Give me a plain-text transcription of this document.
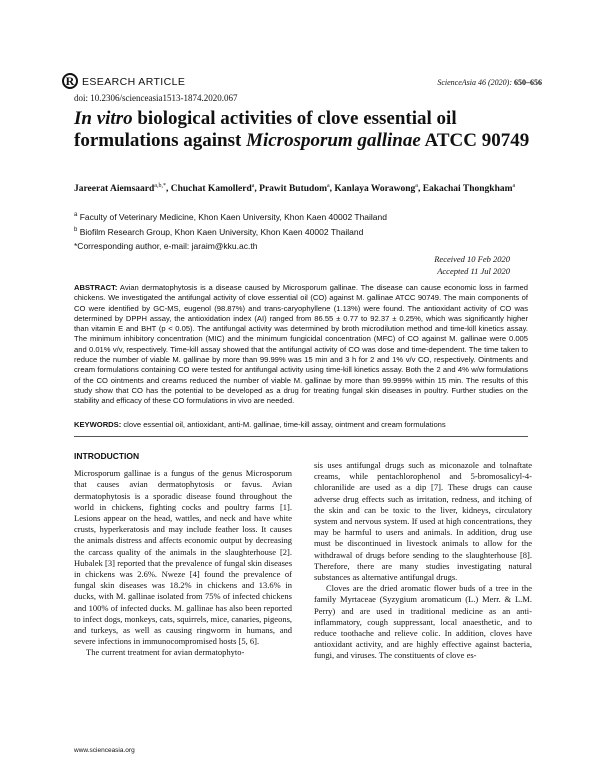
R ESEARCH ARTICLE	ScienceAsia 46 (2020): 650–656
doi: 10.2306/scienceasia1513-1874.2020.067
In vitro biological activities of clove essential oil formulations against Microsporum gallinae ATCC 90749
Jareerat Aiemsaard$^{a,b,*}$, Chuchat Kamollerd$^a$, Prawit Butudom$^a$, Kanlaya Worawong$^a$, Eakachai Thongkham$^a$
$^a$ Faculty of Veterinary Medicine, Khon Kaen University, Khon Kaen 40002 Thailand
$^b$ Biofilm Research Group, Khon Kaen University, Khon Kaen 40002 Thailand
*Corresponding author, e-mail: jaraim@kku.ac.th
Received 10 Feb 2020
Accepted 11 Jul 2020
ABSTRACT: Avian dermatophytosis is a disease caused by Microsporum gallinae. The disease can cause economic loss in farmed chickens. We investigated the antifungal activity of clove essential oil (CO) against M. gallinae ATCC 90749. The main components of CO were identified by GC-MS, eugenol (98.87%) and trans-caryophyllene (1.13%) were found. The antioxidant activity of CO was determined by DPPH assay, the antioxidation index (AI) ranged from 86.55 ± 0.77 to 92.37 ± 0.25%, which was significantly higher than vitamin E and BHT (p < 0.05). The antifungal activity was determined by broth microdilution method and time-kill kinetics assay. The minimum inhibitory concentration (MIC) and the minimum fungicidal concentration (MFC) of CO against M. gallinae were 0.005 and 0.01% v/v, respectively. Time-kill assay showed that the antifungal activity of CO was dose and time-dependent. The time taken to reduce the number of viable M. gallinae by more than 99.99% was 15 min and 3 h for 2 and 1% v/v CO, respectively. Ointments and cream formulations containing CO were tested for antifungal activity using time-kill kinetics assay. Both the 2 and 4% w/w formulations of the CO ointments and creams reduced the number of viable M. gallinae by more than 99.999% within 15 min. The results of this study show that CO has the potential to be developed as a drug for treating fungal skin diseases in poultry. Further studies on the stability and efficacy of these CO formulations in vivo are needed.
KEYWORDS: clove essential oil, antioxidant, anti-M. gallinae, time-kill assay, ointment and cream formulations
INTRODUCTION

Microsporum gallinae is a fungus of the genus Microsporum that causes avian dermatophytosis or favus. Avian dermatophytosis is a sporadic disease found throughout the world in chickens, fighting cocks and poultry farms [1]. Lesions appear on the head, wattles, and neck and have white crusts, hyperkeratosis and may include feather loss. It causes the animals distress and affects economic output by decreasing the carcass quality of the animals in the slaughterhouse [2]. Hubalek [3] reported that the prevalence of fungal skin diseases in chickens was 2.6%. Nweze [4] found the prevalence of fungal skin diseases was 18.2% in chickens and 13.6% in ducks, with M. gallinae isolated from 75% of infected chickens and 100% of infected ducks. M. gallinae has also been reported to infect dogs, monkeys, cats, squirrels, mice, canaries, pigeons, and turkeys, as well as causing ringworm in humans, and severe infections in immunocompromised hosts [5, 6].

The current treatment for avian dermatophyto-

sis uses antifungal drugs such as miconazole and tolnaftate creams, while pentachlorophenol and 5-bromosalicyl-4-chloranilide are used as a dip [7]. These drugs can cause adverse drug effects such as irritation, redness, and itching of the skin and can be toxic to the liver, kidneys, circulatory system and nervous system. If used at high concentrations, they may be harmful to users and animals. In addition, drug use must be discontinued in livestock animals to allow for the withdrawal of drugs before sending to the slaughterhouse [8]. Therefore, there are many studies investigating natural substances as alternative antifungal drugs.

Cloves are the dried aromatic flower buds of a tree in the family Myrtaceae (Syzygium aromaticum (L.) Merr. & L.M. Perry) and are used in traditional medicine as an anti-inflammatory, cough suppressant, local anaesthetic, and to reduce toothache and relieve colic. In addition, cloves have antioxidant activity, and are highly effective against bacteria, fungi, and viruses. The constituents of clove es-

www.scienceasia.org
